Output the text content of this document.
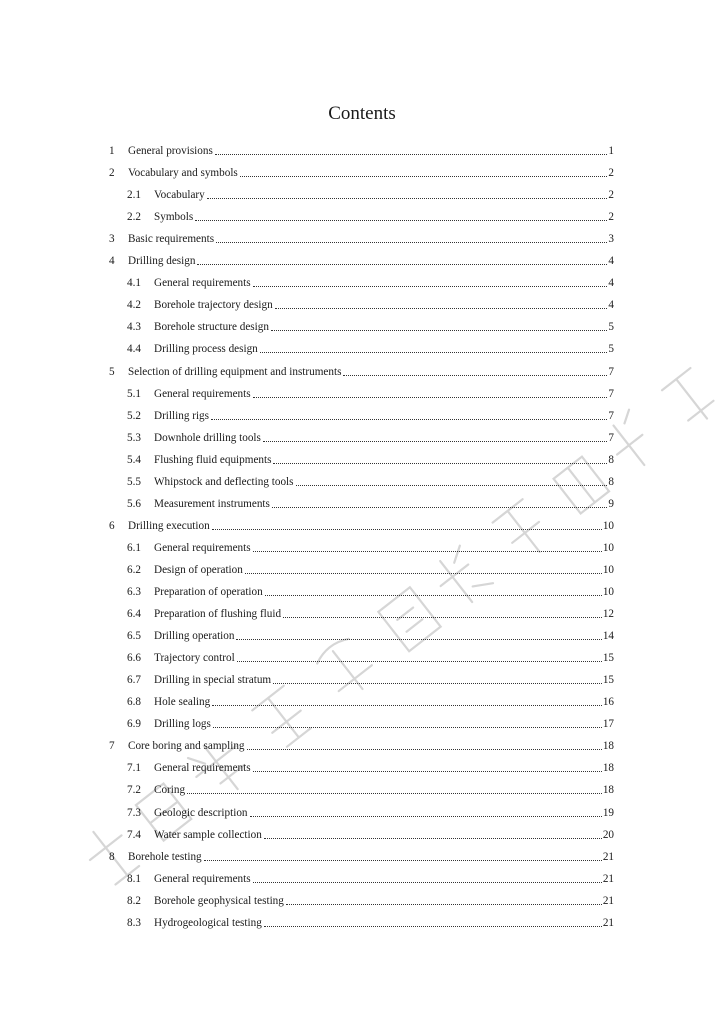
Contents
1	General provisions	1
2	Vocabulary and symbols	2
2.1	Vocabulary	2
2.2	Symbols	2
3	Basic requirements	3
4	Drilling design	4
4.1	General requirements	4
4.2	Borehole trajectory design	4
4.3	Borehole structure design	5
4.4	Drilling process design	5
5	Selection of drilling equipment and instruments	7
5.1	General requirements	7
5.2	Drilling rigs	7
5.3	Downhole drilling tools	7
5.4	Flushing fluid equipments	8
5.5	Whipstock and deflecting tools	8
5.6	Measurement instruments	9
6	Drilling execution	10
6.1	General requirements	10
6.2	Design of operation	10
6.3	Preparation of operation	10
6.4	Preparation of flushing fluid	12
6.5	Drilling operation	14
6.6	Trajectory control	15
6.7	Drilling in special stratum	15
6.8	Hole sealing	16
6.9	Drilling logs	17
7	Core boring and sampling	18
7.1	General requirements	18
7.2	Coring	18
7.3	Geologic description	19
7.4	Water sample collection	20
8	Borehole testing	21
8.1	General requirements	21
8.2	Borehole geophysical testing	21
8.3	Hydrogeological testing	21
